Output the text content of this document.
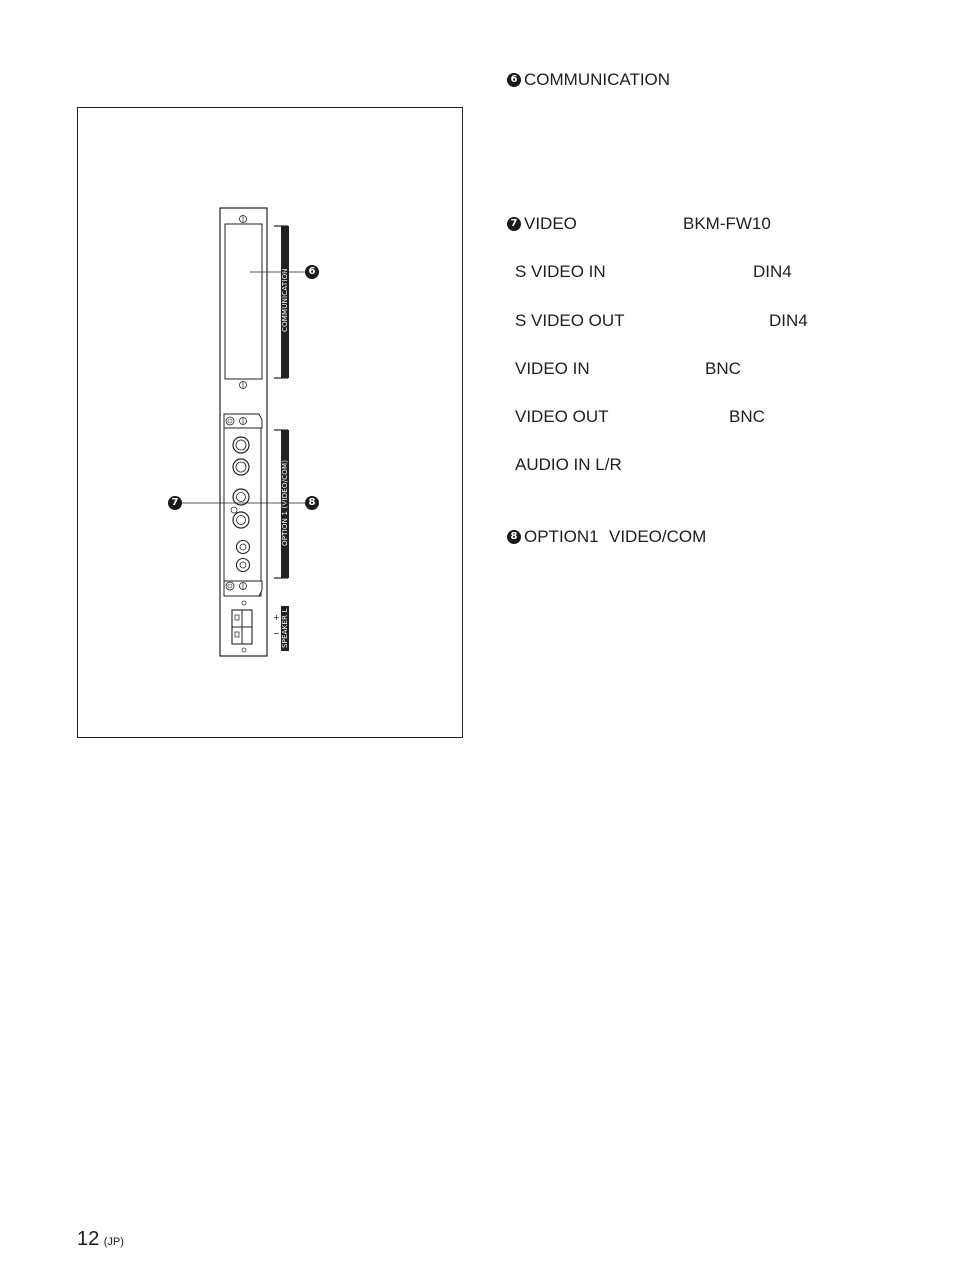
6 COMMUNICATION
7 VIDEO	BKM-FW10
S VIDEO IN	DIN4
S VIDEO OUT	DIN4
VIDEO IN	BNC
VIDEO OUT	BNC
AUDIO IN L/R
8 OPTION1 VIDEO/COM
COMMUNICATION
OPTION 1 (VIDEO/COM)
+
− SPEAKER L
6
7	8
12 (JP)
